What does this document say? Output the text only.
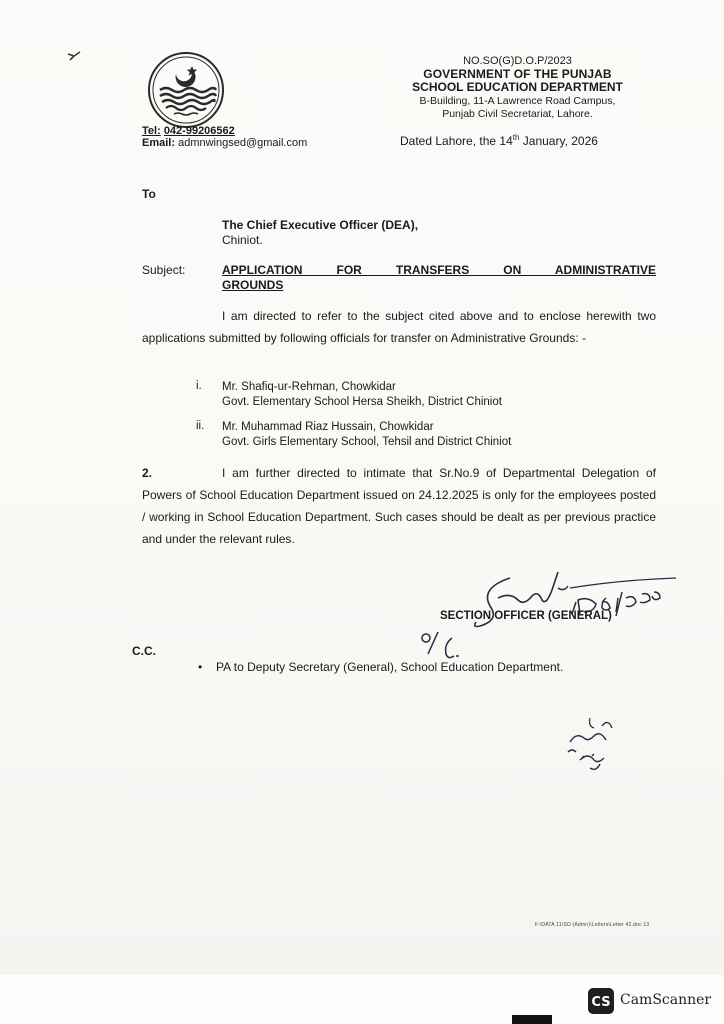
Tel: 042-99206562
Email: admnwingsed@gmail.com
NO.SO(G)D.O.P/2023
GOVERNMENT OF THE PUNJAB
SCHOOL EDUCATION DEPARTMENT
B-Building, 11-A Lawrence Road Campus,
Punjab Civil Secretariat, Lahore.
Dated Lahore, the 14th January, 2026
To
The Chief Executive Officer (DEA),
Chiniot.
Subject:	APPLICATION FOR TRANSFERS ON ADMINISTRATIVE
GROUNDS
I am directed to refer to the subject cited above and to enclose herewith two applications submitted by following officials for transfer on Administrative Grounds: -
i. Mr. Shafiq-ur-Rehman, Chowkidar
Govt. Elementary School Hersa Sheikh, District Chiniot
ii. Mr. Muhammad Riaz Hussain, Chowkidar
Govt. Girls Elementary School, Tehsil and District Chiniot
2.	I am further directed to intimate that Sr.No.9 of Departmental Delegation of Powers of School Education Department issued on 24.12.2025 is only for the employees posted / working in School Education Department. Such cases should be dealt as per previous practice and under the relevant rules.
SECTION OFFICER (GENERAL)
C.C.
• PA to Deputy Secretary (General), School Education Department.
F:\DATA 11\SO (Admn)\Letters\Letter 42.doc 13
CS CamScanner
